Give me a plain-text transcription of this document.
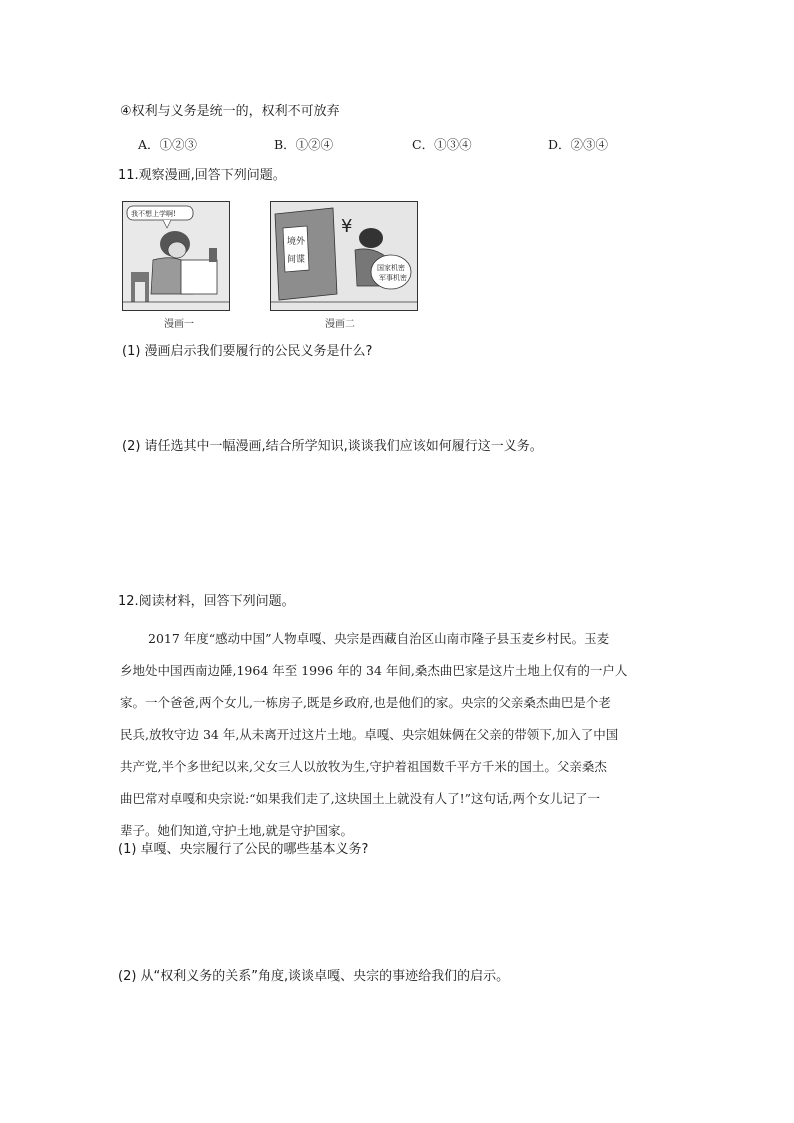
④权利与义务是统一的，权利不可放弃
A．①②③	B．①②④	C．①③④	D．②③④
11.观察漫画,回答下列问题。
我不想上学啊!
漫画一
境外
间谍
¥
国家机密
军事机密
漫画二
(1) 漫画启示我们要履行的公民义务是什么?
(2) 请任选其中一幅漫画,结合所学知识,谈谈我们应该如何履行这一义务。
12.阅读材料，回答下列问题。
2017 年度“感动中国”人物卓嘎、央宗是西藏自治区山南市隆子县玉麦乡村民。玉麦
乡地处中国西南边陲,1964 年至 1996 年的 34 年间,桑杰曲巴家是这片土地上仅有的一户人
家。一个爸爸,两个女儿,一栋房子,既是乡政府,也是他们的家。央宗的父亲桑杰曲巴是个老
民兵,放牧守边 34 年,从未离开过这片土地。卓嘎、央宗姐妹俩在父亲的带领下,加入了中国
共产党,半个多世纪以来,父女三人以放牧为生,守护着祖国数千平方千米的国土。父亲桑杰
曲巴常对卓嘎和央宗说:“如果我们走了,这块国土上就没有人了!”这句话,两个女儿记了一
辈子。她们知道,守护土地,就是守护国家。
(1) 卓嘎、央宗履行了公民的哪些基本义务?
(2) 从“权利义务的关系”角度,谈谈卓嘎、央宗的事迹给我们的启示。
